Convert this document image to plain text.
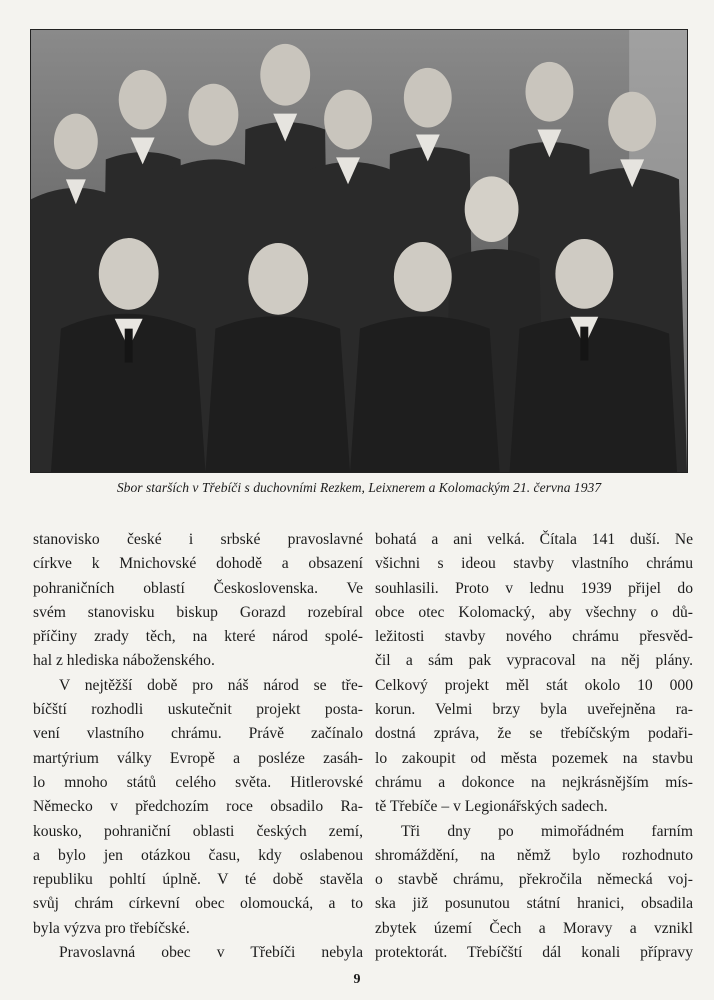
Sbor starších v Třebíči s duchovními Rezkem, Leixnerem a Kolomackým 21. června 1937
stanovisko české i srbské pravoslavné
církve k Mnichovské dohodě a obsazení
pohraničních oblastí Československa. Ve
svém stanovisku biskup Gorazd rozebíral
příčiny zrady těch, na které národ spolé-
hal z hlediska náboženského.
V nejtěžší době pro náš národ se tře-
bíčští rozhodli uskutečnit projekt posta-
vení vlastního chrámu. Právě začínalo
martýrium války Evropě a posléze zasáh-
lo mnoho států celého světa. Hitlerovské
Německo v předchozím roce obsadilo Ra-
kousko, pohraniční oblasti českých zemí,
a bylo jen otázkou času, kdy oslabenou
republiku pohltí úplně. V té době stavěla
svůj chrám církevní obec olomoucká, a to
byla výzva pro třebíčské.
Pravoslavná obec v Třebíči nebyla
bohatá a ani velká. Čítala 141 duší. Ne
všichni s ideou stavby vlastního chrámu
souhlasili. Proto v lednu 1939 přijel do
obce otec Kolomacký, aby všechny o dů-
ležitosti stavby nového chrámu přesvěd-
čil a sám pak vypracoval na něj plány.
Celkový projekt měl stát okolo 10 000
korun. Velmi brzy byla uveřejněna ra-
dostná zpráva, že se třebíčským podaři-
lo zakoupit od města pozemek na stavbu
chrámu a dokonce na nejkrásnějším mís-
tě Třebíče – v Legionářských sadech.
Tři dny po mimořádném farním
shromáždění, na němž bylo rozhodnuto
o stavbě chrámu, překročila německá voj-
ska již posunutou státní hranici, obsadila
zbytek území Čech a Moravy a vznikl
protektorát. Třebíčští dál konali přípravy
9
